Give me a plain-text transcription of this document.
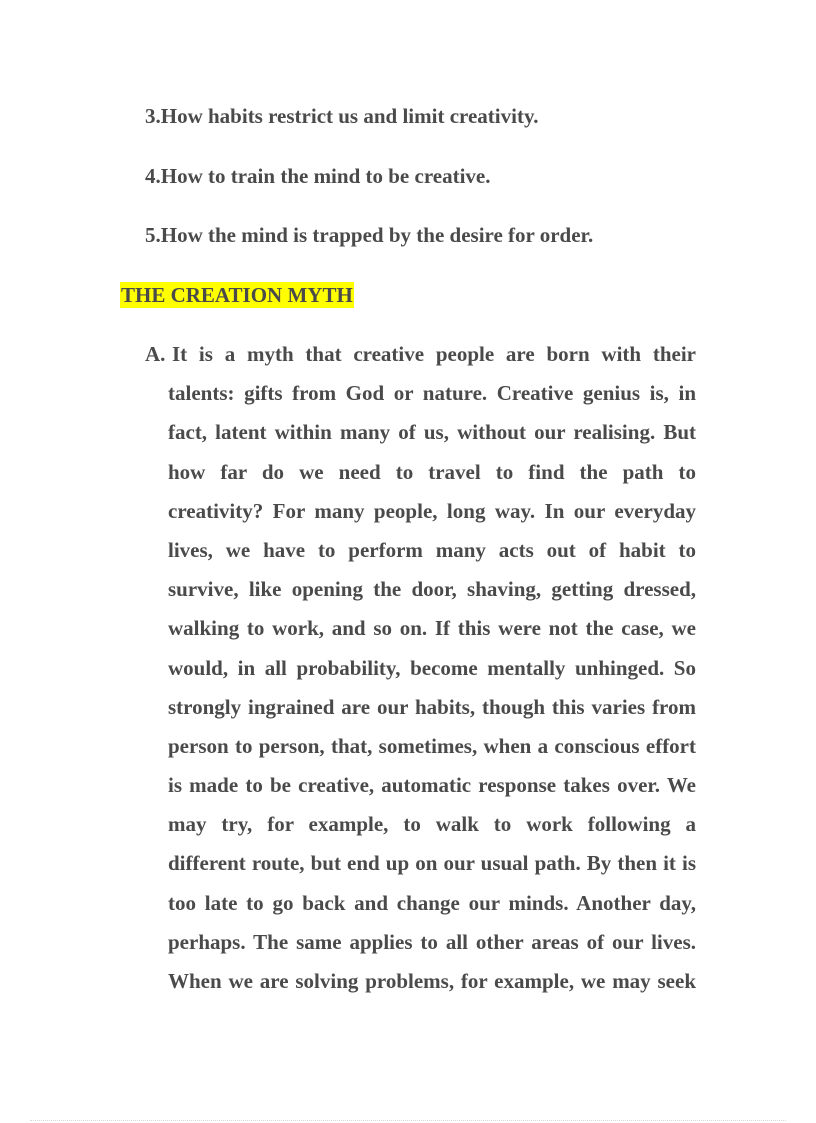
3.How habits restrict us and limit creativity.
4.How to train the mind to be creative.
5.How the mind is trapped by the desire for order.
THE CREATION MYTH
A. It is a myth that creative people are born with their
talents: gifts from God or nature. Creative genius is, in
fact, latent within many of us, without our realising. But
how far do we need to travel to find the path to
creativity? For many people, long way. In our everyday
lives, we have to perform many acts out of habit to
survive, like opening the door, shaving, getting dressed,
walking to work, and so on. If this were not the case, we
would, in all probability, become mentally unhinged. So
strongly ingrained are our habits, though this varies from
person to person, that, sometimes, when a conscious effort
is made to be creative, automatic response takes over. We
may try, for example, to walk to work following a
different route, but end up on our usual path. By then it is
too late to go back and change our minds. Another day,
perhaps. The same applies to all other areas of our lives.
When we are solving problems, for example, we may seek
